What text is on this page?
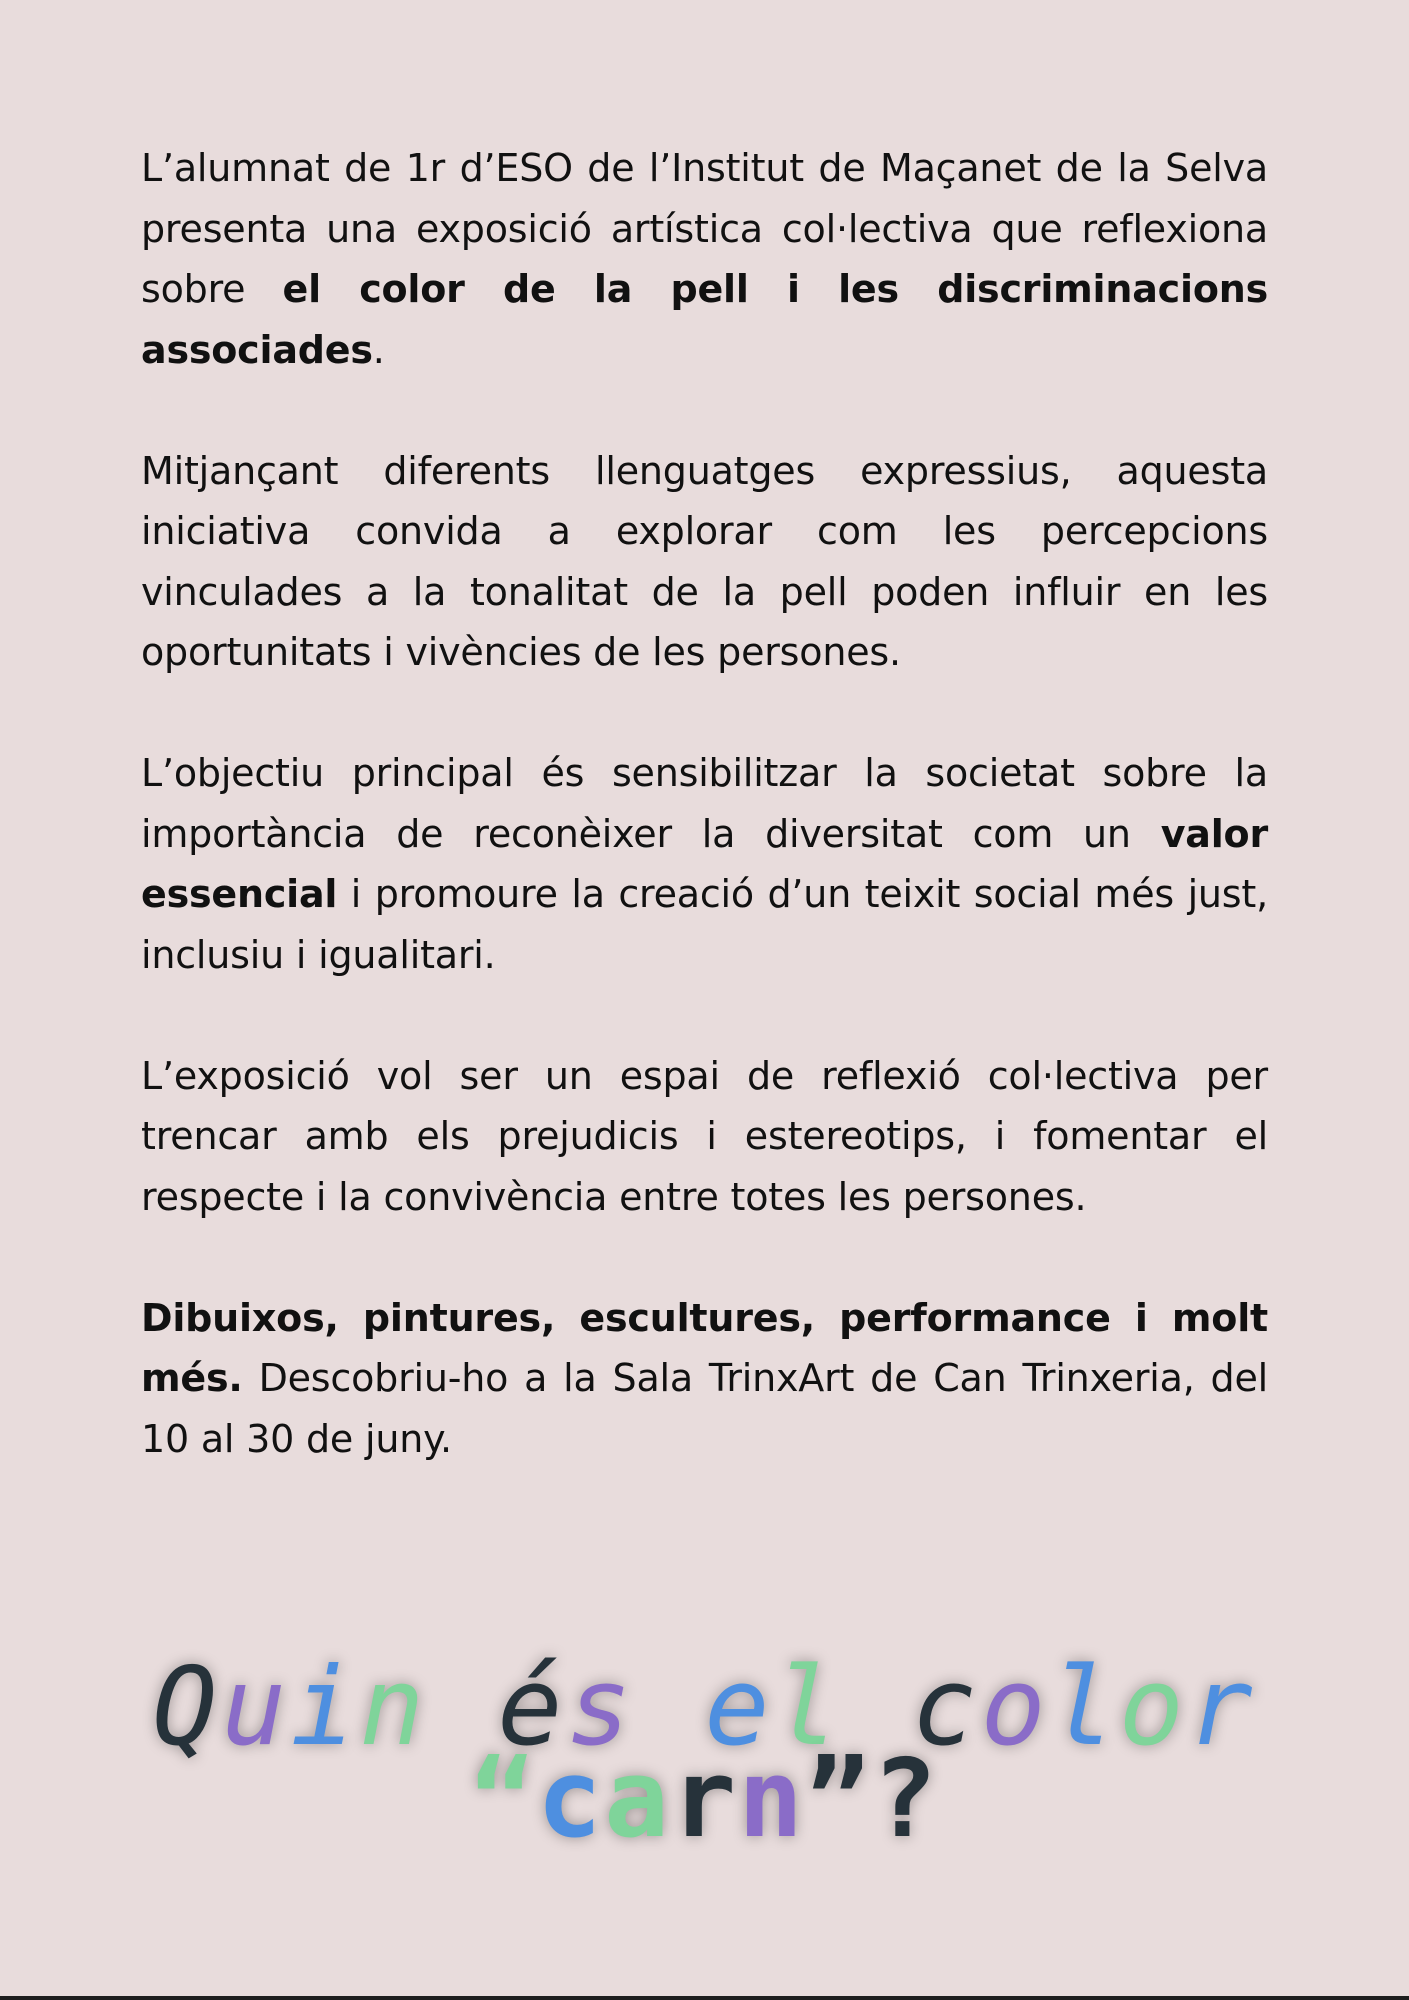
L’alumnat de 1r d’ESO de l’Institut de Maçanet de la Selva presenta una exposició artística col·lectiva que reflexiona sobre el color de la pell i les discriminacions associades.

Mitjançant diferents llenguatges expressius, aquesta iniciativa convida a explorar com les percepcions vinculades a la tonalitat de la pell poden influir en les oportunitats i vivències de les persones.

L’objectiu principal és sensibilitzar la societat sobre la importància de reconèixer la diversitat com un valor essencial i promoure la creació d’un teixit social més just, inclusiu i igualitari.

L’exposició vol ser un espai de reflexió col·lectiva per trencar amb els prejudicis i estereotips, i fomentar el respecte i la convivència entre totes les persones.

Dibuixos, pintures, escultures, performance i molt més. Descobriu-ho a la Sala TrinxArt de Can Trinxeria, del 10 al 30 de juny.

Quin és el color
“carn”?
